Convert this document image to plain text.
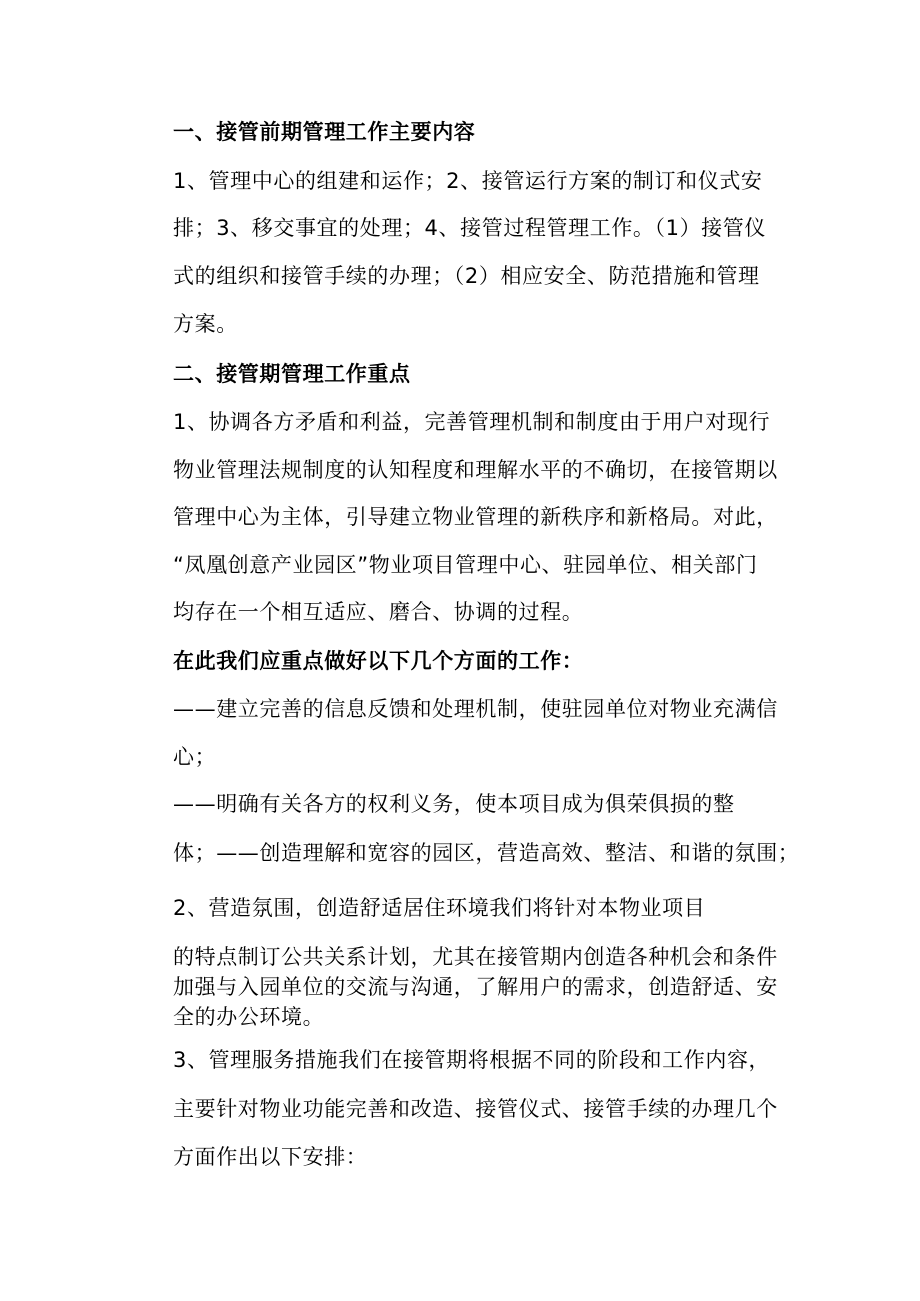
一、接管前期管理工作主要内容
1、管理中心的组建和运作；2、接管运行方案的制订和仪式安
排；3、移交事宜的处理；4、接管过程管理工作。（1）接管仪
式的组织和接管手续的办理；（2）相应安全、防范措施和管理
方案。
二、接管期管理工作重点
1、协调各方矛盾和利益，完善管理机制和制度由于用户对现行
物业管理法规制度的认知程度和理解水平的不确切，在接管期以
管理中心为主体，引导建立物业管理的新秩序和新格局。对此，
“凤凰创意产业园区”物业项目管理中心、驻园单位、相关部门
均存在一个相互适应、磨合、协调的过程。
在此我们应重点做好以下几个方面的工作：
——建立完善的信息反馈和处理机制，使驻园单位对物业充满信
心；
——明确有关各方的权利义务，使本项目成为俱荣俱损的整
体；——创造理解和宽容的园区，营造高效、整洁、和谐的氛围；
2、营造氛围，创造舒适居住环境我们将针对本物业项目
的特点制订公共关系计划，尤其在接管期内创造各种机会和条件
加强与入园单位的交流与沟通，了解用户的需求，创造舒适、安
全的办公环境。
3、管理服务措施我们在接管期将根据不同的阶段和工作内容，
主要针对物业功能完善和改造、接管仪式、接管手续的办理几个
方面作出以下安排：
